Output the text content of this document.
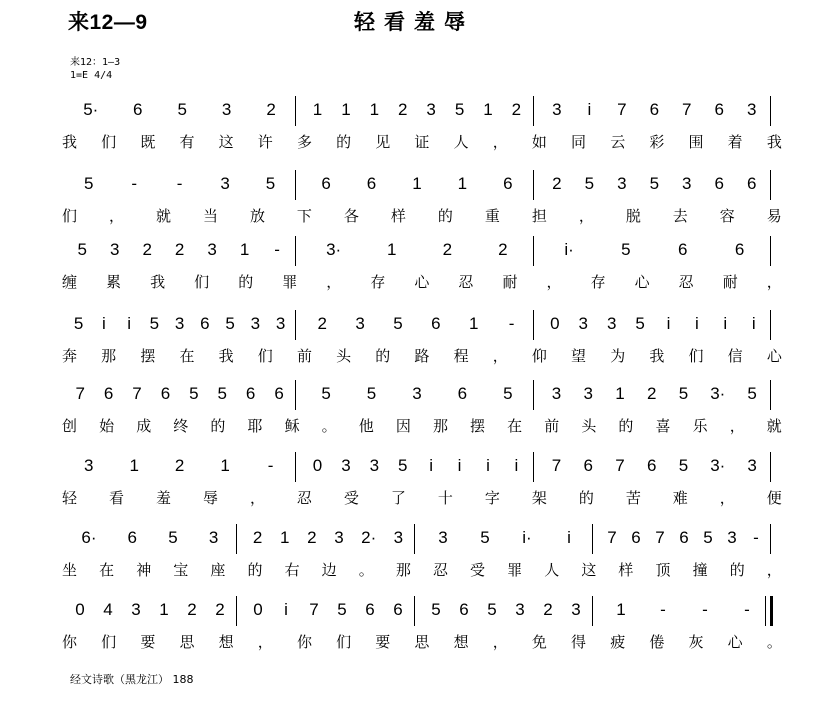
来12—9	轻看羞辱
来12：1—3
1=E 4/4
5· 6 5 3 2 1 1 1 2 3 5 1 2 3 i 7 6 7 6 3
我 们 既 有 这 许 多 的 见 证 人 ， 如 同 云 彩 围 着 我
5 - - 3 5	6 6 1 1 6 2 5 3 5 3 6 6
们 ， 就 当 放 下 各 样 的 重 担 ， 脱 去 容 易
5 3 2 2 3 1 -	3·	1	2	2	i·	5	6	6
缠 累 我 们 的 罪 ， 存 心 忍 耐 ， 存 心 忍 耐 ，
5 i i 5 3 6 5 3 3 2 3 5 6 1 - 0 3 3 5 i i i i
奔 那 摆 在 我 们 前 头 的 路 程 ， 仰 望 为 我 们 信 心
7 6 7 6 5 5 6 6 5 5 3 6 5 3 3 1 2 5 3· 5
创 始 成 终 的 耶 稣 。 他 因 那 摆 在 前 头 的 喜 乐 ， 就
3 1 2 1 - 0 3 3 5 i i i i 7 6 7 6 5 3· 3
轻 看 羞 辱 ， 忍 受 了 十 字 架 的 苦 难 ， 便
6· 6 5 3 2 1 2 3 2· 3 3 5 i· i 7 6 7 6 5 3 -
坐 在 神 宝 座 的 右 边 。 那 忍 受 罪 人 这 样 顶 撞 的 ，
0 4 3 1 2 2 0 i 7 5 6 6 5 6 5 3 2 3 1 - - -
你 们 要 思 想 ， 你 们 要 思 想 ， 免 得 疲 倦 灰 心 。
经文诗歌（黑龙江） 188
